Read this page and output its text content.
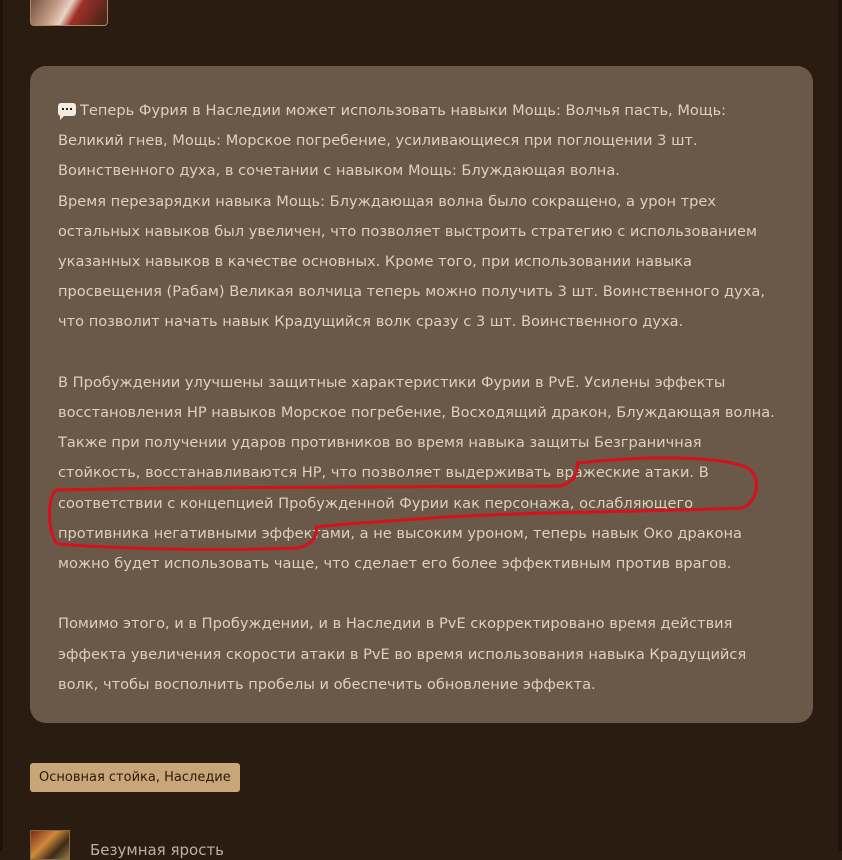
Теперь Фурия в Наследии может использовать навыки Мощь: Волчья пасть, Мощь: Великий гнев, Мощь: Морское погребение, усиливающиеся при поглощении 3 шт. Воинственного духа, в сочетании с навыком Мощь: Блуждающая волна.

Время перезарядки навыка Мощь: Блуждающая волна было сокращено, а урон трех остальных навыков был увеличен, что позволяет выстроить стратегию с использованием указанных навыков в качестве основных. Кроме того, при использовании навыка просвещения (Рабам) Великая волчица теперь можно получить 3 шт. Воинственного духа, что позволит начать навык Крадущийся волк сразу с 3 шт. Воинственного духа.

В Пробуждении улучшены защитные характеристики Фурии в PvE. Усилены эффекты восстановления HP навыков Морское погребение, Восходящий дракон, Блуждающая волна. Также при получении ударов противников во время навыка защиты Безграничная стойкость, восстанавливаются HP, что позволяет выдерживать вражеские атаки. В соответствии с концепцией Пробужденной Фурии как персонажа, ослабляющего противника негативными эффектами, а не высоким уроном, теперь навык Око дракона можно будет использовать чаще, что сделает его более эффективным против врагов.

Помимо этого, и в Пробуждении, и в Наследии в PvE скорректировано время действия эффекта увеличения скорости атаки в PvE во время использования навыка Крадущийся волк, чтобы восполнить пробелы и обеспечить обновление эффекта.

Основная стойка, Наследие
Безумная ярость
